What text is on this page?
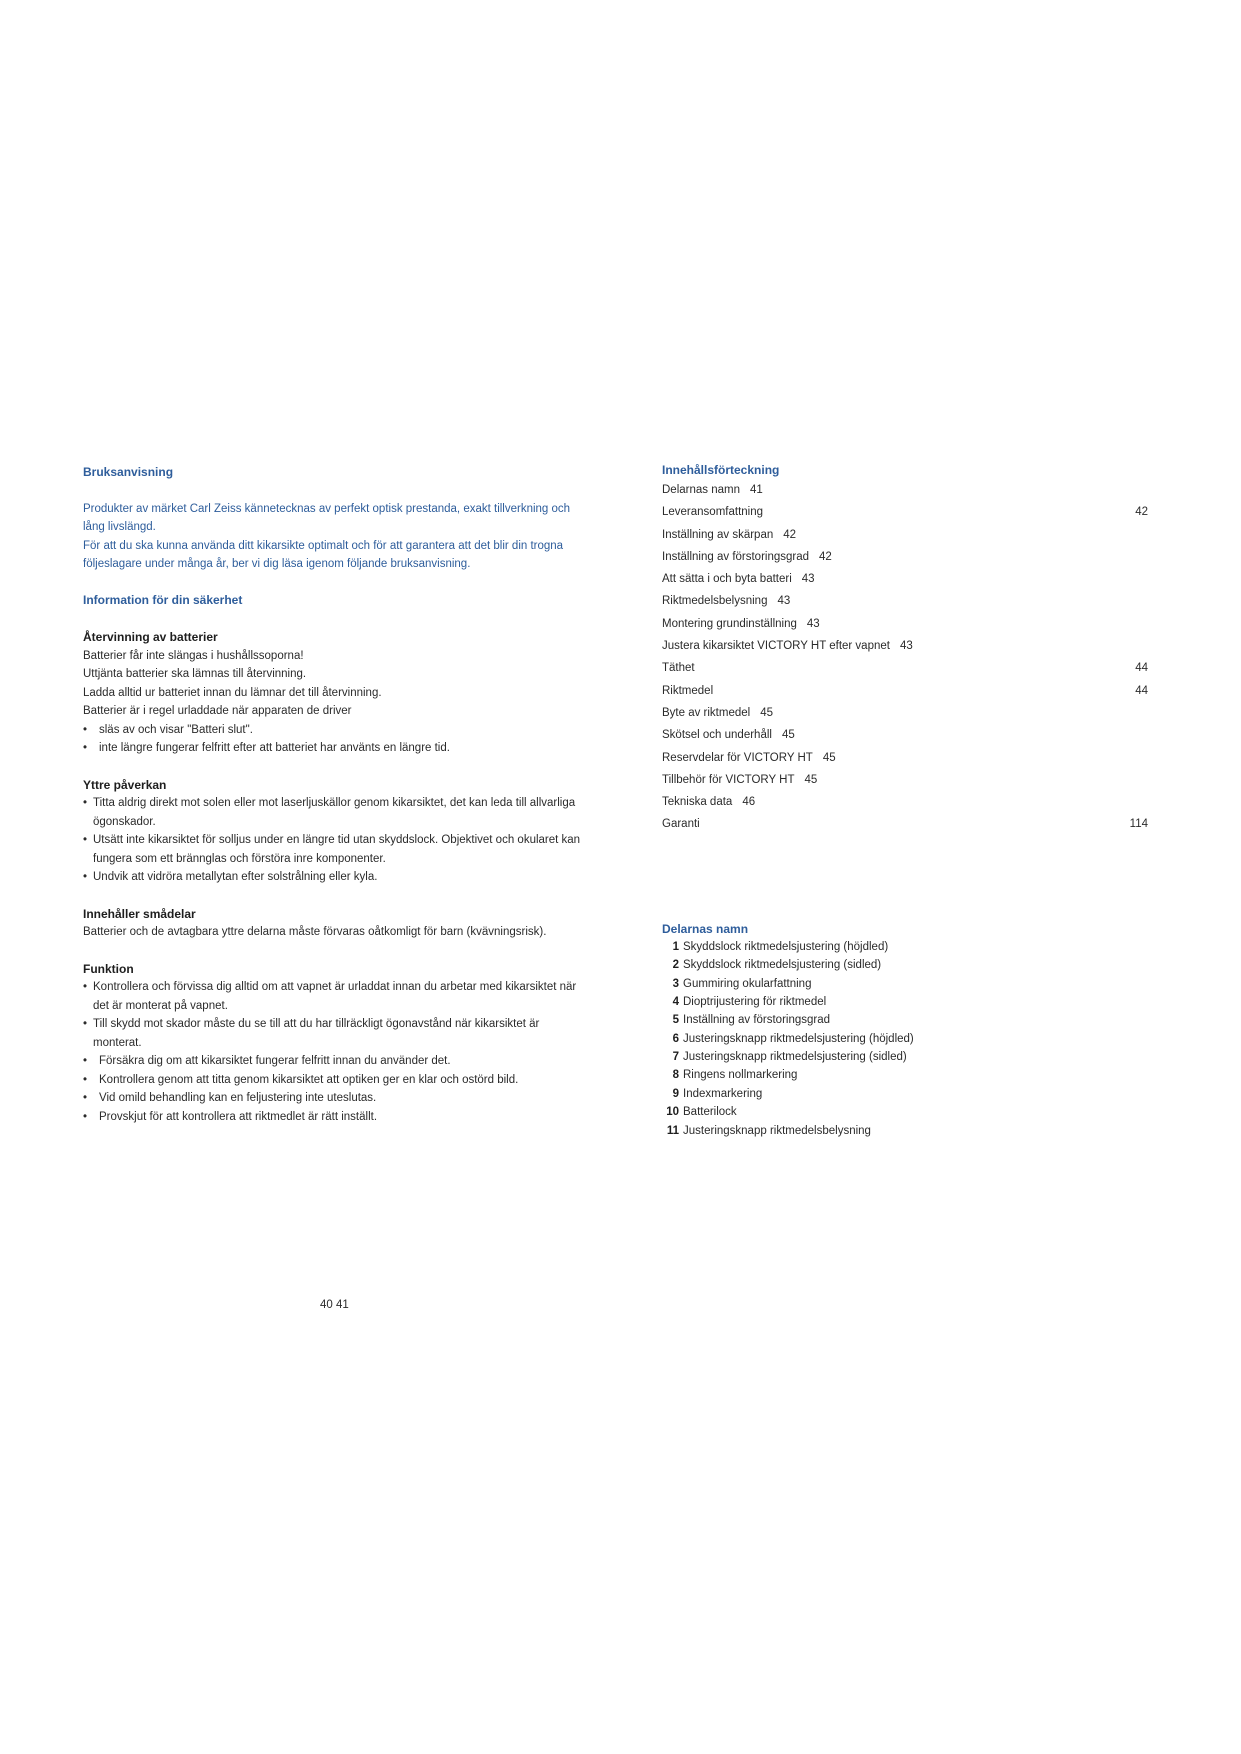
Bruksanvisning

Produkter av märket Carl Zeiss kännetecknas av perfekt optisk prestanda, exakt tillverkning och lång livslängd.

För att du ska kunna använda ditt kikarsikte optimalt och för att garantera att det blir din trogna följeslagare under många år, ber vi dig läsa igenom följande bruksanvisning.

Information för din säkerhet
Återvinning av batterier

Batterier får inte slängas i hushållssoporna!

Uttjänta batterier ska lämnas till återvinning.

Ladda alltid ur batteriet innan du lämnar det till återvinning.

Batterier är i regel urladdade när apparaten de driver

• släs av och visar "Batteri slut".

• inte längre fungerar felfritt efter att batteriet har använts en längre tid.

Yttre påverkan

• Titta aldrig direkt mot solen eller mot laserljuskällor genom kikarsiktet, det kan leda till allvarliga ögonskador.

• Utsätt inte kikarsiktet för solljus under en längre tid utan skyddslock. Objektivet och okularet kan fungera som ett brännglas och förstöra inre komponenter.

• Undvik att vidröra metallytan efter solstrålning eller kyla.

Innehåller smådelar

Batterier och de avtagbara yttre delarna måste förvaras oåtkomligt för barn (kvävningsrisk).

Funktion

• Kontrollera och förvissa dig alltid om att vapnet är urladdat innan du arbetar med kikarsiktet när det är monterat på vapnet.

• Till skydd mot skador måste du se till att du har tillräckligt ögonavstånd när kikarsiktet är monterat.

• Försäkra dig om att kikarsiktet fungerar felfritt innan du använder det.

• Kontrollera genom att titta genom kikarsiktet att optiken ger en klar och ostörd bild.

• Vid omild behandling kan en feljustering inte uteslutas.

• Provskjut för att kontrollera att riktmedlet är rätt inställt.

Innehållsförteckning
Delarnas namn 41
Leveransomfattning	42
Inställning av skärpan 42
Inställning av förstoringsgrad 42
Att sätta i och byta batteri 43
Riktmedelsbelysning 43
Montering grundinställning 43
Justera kikarsiktet VICTORY HT efter vapnet 43
Täthet	44
Riktmedel	44
Byte av riktmedel 45
Skötsel och underhåll 45
Reservdelar för VICTORY HT 45
Tillbehör för VICTORY HT 45
Tekniska data 46
Garanti	114
Delarnas namn
1 Skyddslock riktmedelsjustering (höjdled)
2 Skyddslock riktmedelsjustering (sidled)
3 Gummiring okularfattning
4 Dioptrijustering för riktmedel
5 Inställning av förstoringsgrad
6 Justeringsknapp riktmedelsjustering (höjdled)
7 Justeringsknapp riktmedelsjustering (sidled)
8 Ringens nollmarkering
9 Indexmarkering
10 Batterilock
11 Justeringsknapp riktmedelsbelysning
40 41
